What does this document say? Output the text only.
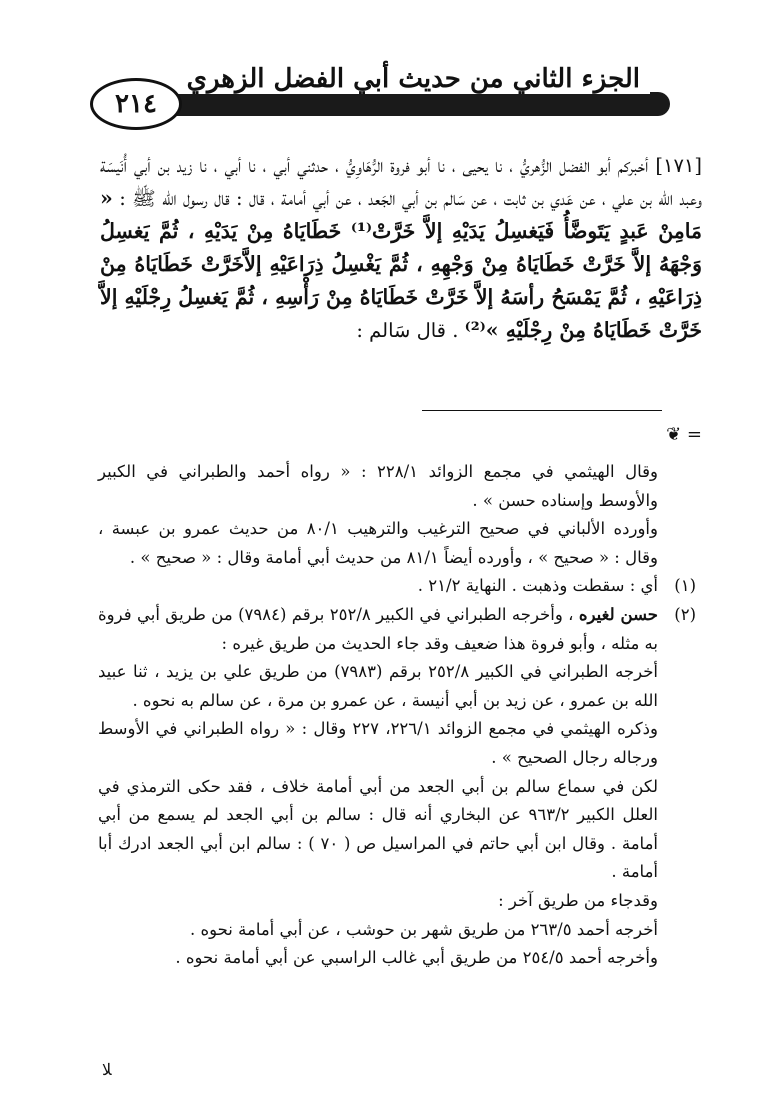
الجزء الثاني من حديث أبي الفضل الزهري
٢١٤
[١٧١] أخبركم أبو الفضل الزُّهريُّ ، نا يحيى ، نا أبو فروة الرُّهَاوِيُّ ، حدثني أبي ، نا أبي ، نا زيد بن أبي أُنَيسَة وعبد الله بن علي ، عن عَدي بن ثابت ، عن سَالم بن أبي الجَعد ، عن أبي أمامة ، قال : قال رسول الله ﷺ : « مَامِنْ عَبدٍ يَتَوضَّأُ فَيَغسِلُ يَدَيْهِ إلاَّ خَرَّتْ⁽¹⁾ خَطَايَاهُ مِنْ يَدَيْهِ ، ثُمَّ يَغسِلُ وَجْهَهُ إلاَّ خَرَّتْ خَطَايَاهُ مِنْ وَجْهِهِ ، ثُمَّ يَغْسِلُ ذِرَاعَيْهِ إلاَّخَرَّتْ خَطَايَاهُ مِنْ ذِرَاعَيْهِ ، ثُمَّ يَمْسَحُ رأسَهُ إلاَّ خَرَّتْ خَطَايَاهُ مِنْ رَأْسِهِ ، ثُمَّ يَغسِلُ رِجْلَيْهِ إلاَّ خَرَّتْ خَطَايَاهُ مِنْ رِجْلَيْهِ »⁽²⁾ . قال سَالم :
= ❦

وقال الهيثمي في مجمع الزوائد ٢٢٨/١ : « رواه أحمد والطبراني في الكبير والأوسط وإسناده حسن » .

وأورده الألباني في صحيح الترغيب والترهيب ٨٠/١ من حديث عمرو بن عبسة ، وقال : « صحيح » ، وأورده أيضاً ٨١/١ من حديث أبي أمامة وقال : « صحيح » .

(١)
أي : سقطت وذهبت . النهاية ٢١/٢ .
(٢)
حسن لغيره ، وأخرجه الطبراني في الكبير ٢٥٢/٨ برقم (٧٩٨٤) من طريق أبي فروة به مثله ، وأبو فروة هذا ضعيف وقد جاء الحديث من طريق غيره :

أخرجه الطبراني في الكبير ٢٥٢/٨ برقم (٧٩٨٣) من طريق علي بن يزيد ، ثنا عبيد الله بن عمرو ، عن زيد بن أبي أنيسة ، عن عمرو بن مرة ، عن سالم به نحوه .

وذكره الهيثمي في مجمع الزوائد ٢٢٦/١، ٢٢٧ وقال : « رواه الطبراني في الأوسط ورجاله رجال الصحيح » .

لكن في سماع سالم بن أبي الجعد من أبي أمامة خلاف ، فقد حكى الترمذي في العلل الكبير ٩٦٣/٢ عن البخاري أنه قال : سالم بن أبي الجعد لم يسمع من أبي أمامة . وقال ابن أبي حاتم في المراسيل ص ( ٧٠ ) : سالم ابن أبي الجعد ادرك أبا أمامة .

وقدجاء من طريق آخر :

أخرجه أحمد ٢٦٣/٥ من طريق شهر بن حوشب ، عن أبي أمامة نحوه .

وأخرجه أحمد ٢٥٤/٥ من طريق أبي غالب الراسبي عن أبي أمامة نحوه .

ﻼ
